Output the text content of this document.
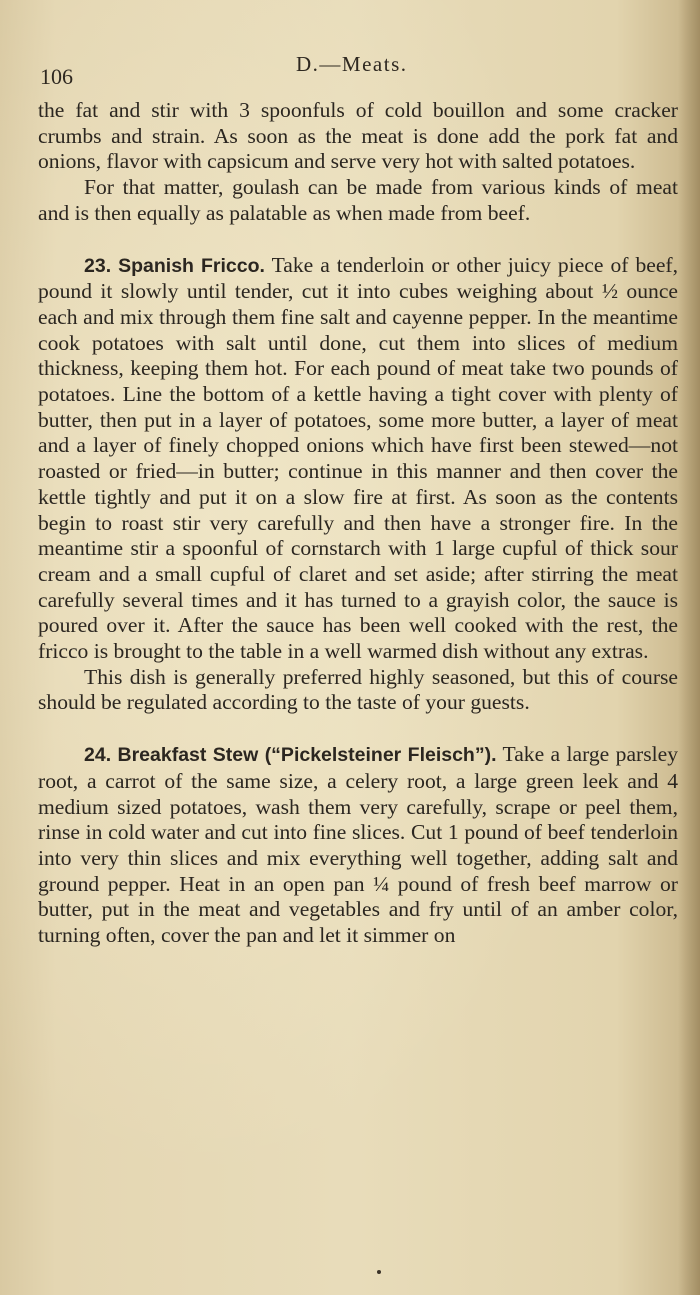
106	D.—Meats.

the fat and stir with 3 spoonfuls of cold bouillon and some cracker crumbs and strain. As soon as the meat is done add the pork fat and onions, flavor with capsicum and serve very hot with salted potatoes.

For that matter, goulash can be made from various kinds of meat and is then equally as palatable as when made from beef.

23. Spanish Fricco. Take a tenderloin or other juicy piece of beef, pound it slowly until tender, cut it into cubes weighing about ½ ounce each and mix through them fine salt and cayenne pepper. In the meantime cook potatoes with salt until done, cut them into slices of medium thickness, keeping them hot. For each pound of meat take two pounds of potatoes. Line the bottom of a kettle having a tight cover with plenty of butter, then put in a layer of potatoes, some more butter, a layer of meat and a layer of finely chopped onions which have first been stewed—not roasted or fried—in butter; continue in this manner and then cover the kettle tightly and put it on a slow fire at first. As soon as the contents begin to roast stir very carefully and then have a stronger fire. In the meantime stir a spoonful of cornstarch with 1 large cupful of thick sour cream and a small cupful of claret and set aside; after stirring the meat carefully several times and it has turned to a grayish color, the sauce is poured over it. After the sauce has been well cooked with the rest, the fricco is brought to the table in a well warmed dish without any extras.

This dish is generally preferred highly seasoned, but this of course should be regulated according to the taste of your guests.

24. Breakfast Stew (“Pickelsteiner Fleisch”). Take a large parsley root, a carrot of the same size, a celery root, a large green leek and 4 medium sized potatoes, wash them very carefully, scrape or peel them, rinse in cold water and cut into fine slices. Cut 1 pound of beef tenderloin into very thin slices and mix everything well together, adding salt and ground pepper. Heat in an open pan ¼ pound of fresh beef marrow or butter, put in the meat and vegetables and fry until of an amber color, turning often, cover the pan and let it simmer on
